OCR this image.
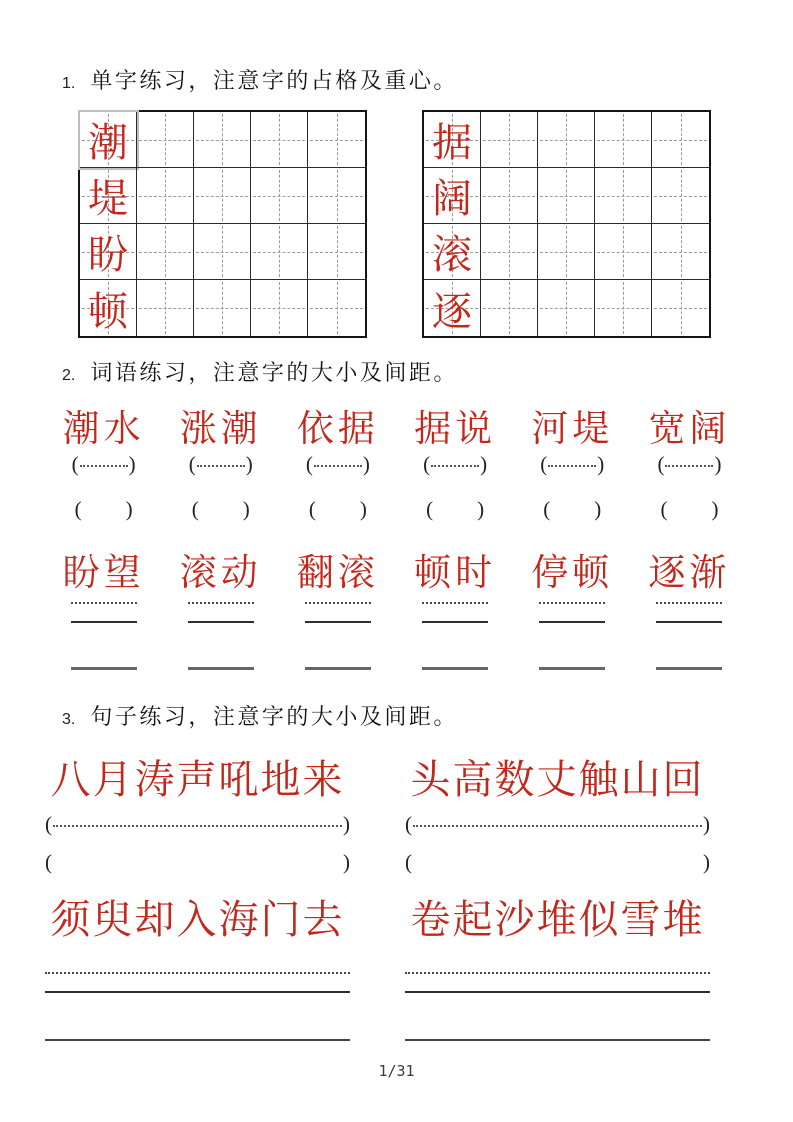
1. 单字练习，注意字的占格及重心。
潮
堤
盼
顿
据
阔
滚
逐
2. 词语练习，注意字的大小及间距。
潮水 涨潮 依据 据说 河堤 宽阔
( )	( )	( )	( )	( )	( )
( )	( )	( )	( )	( )	( )
盼望 滚动 翻滚 顿时 停顿 逐渐
3. 句子练习，注意字的大小及间距。
八月涛声吼地来 头高数丈触山回
(	)	(	)
(	)	(	)
须臾却入海门去 卷起沙堆似雪堆
1/31
